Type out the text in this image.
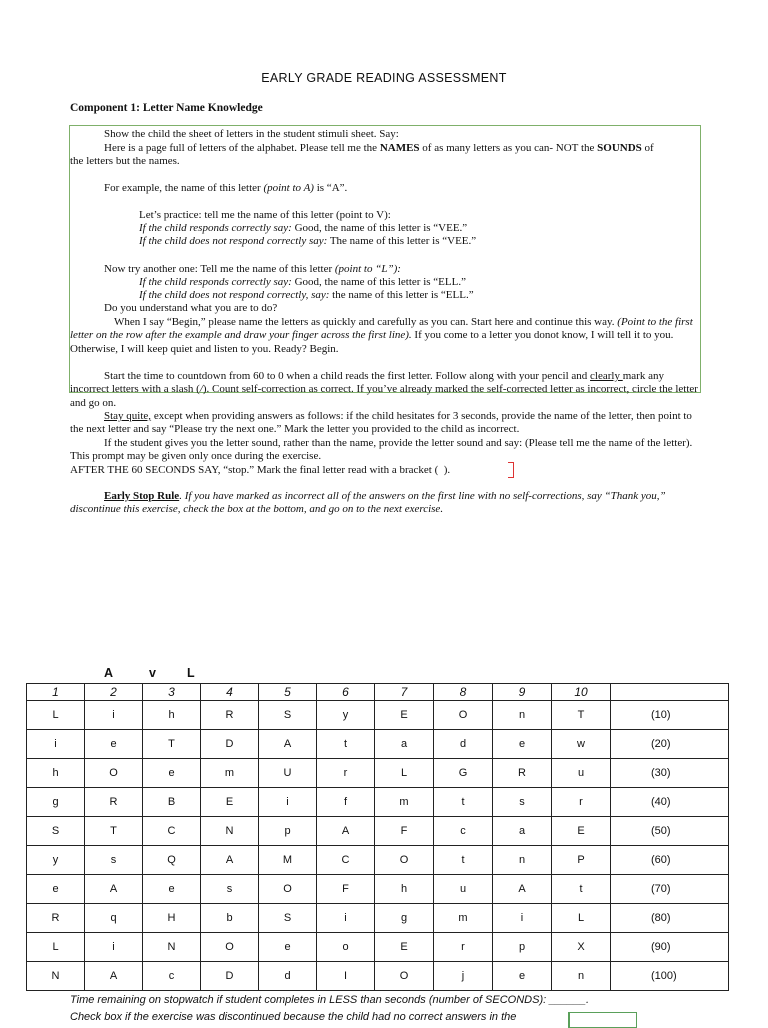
EARLY GRADE READING ASSESSMENT
Component 1: Letter Name Knowledge

Show the child the sheet of letters in the student stimuli sheet. Say:

Here is a page full of letters of the alphabet. Please tell me the NAMES of as many letters as you can- NOT the SOUNDS of

the letters but the names.

For example, the name of this letter (point to A) is “A”.

Let’s practice: tell me the name of this letter (point to V):

If the child responds correctly say: Good, the name of this letter is “VEE.”

If the child does not respond correctly say: The name of this letter is “VEE.”

Now try another one: Tell me the name of this letter (point to “L”):

If the child responds correctly say: Good, the name of this letter is “ELL.”

If the child does not respond correctly, say: the name of this letter is “ELL.”

Do you understand what you are to do?

When I say “Begin,” please name the letters as quickly and carefully as you can. Start here and continue this way. (Point to the first letter on the row after the example and draw your finger across the first line). If you come to a letter you donot know, I will tell it to you. Otherwise, I will keep quiet and listen to you. Ready? Begin.

Start the time to countdown from 60 to 0 when a child reads the first letter. Follow along with your pencil and clearly mark any incorrect letters with a slash (/). Count self-correction as correct. If you’ve already marked the self-corrected letter as incorrect, circle the letter and go on.

Stay quite, except when providing answers as follows: if the child hesitates for 3 seconds, provide the name of the letter, then point to the next letter and say “Please try the next one.” Mark the letter you provided to the child as incorrect.

If the student gives you the letter sound, rather than the name, provide the letter sound and say: (Please tell me the name of the letter). This prompt may be given only once during the exercise.

AFTER THE 60 SECONDS SAY, “stop.” Mark the final letter read with a bracket (  ).

Early Stop Rule. If you have marked as incorrect all of the answers on the first line with no self-corrections, say “Thank you,” discontinue this exercise, check the box at the bottom, and go on to the next exercise.

A	v L
1	2	3	4	5	6	7	8	9	10	
L	i	h	R	S	y	E	O	n	T	(10)
i	e	T	D	A	t	a	d	e	w	(20)
h	O	e	m	U	r	L	G	R	u	(30)
g	R	B	E	i	f	m	t	s	r	(40)
S	T	C	N	p	A	F	c	a	E	(50)
y	s	Q	A	M	C	O	t	n	P	(60)
e	A	e	s	O	F	h	u	A	t	(70)
R	q	H	b	S	i	g	m	i	L	(80)
L	i	N	O	e	o	E	r	p	X	(90)
N	A	c	D	d	I	O	j	e	n	(100)
Time remaining on stopwatch if student completes in LESS than seconds (number of SECONDS): ______.
Check box if the exercise was discontinued because the child had no correct answers in the
